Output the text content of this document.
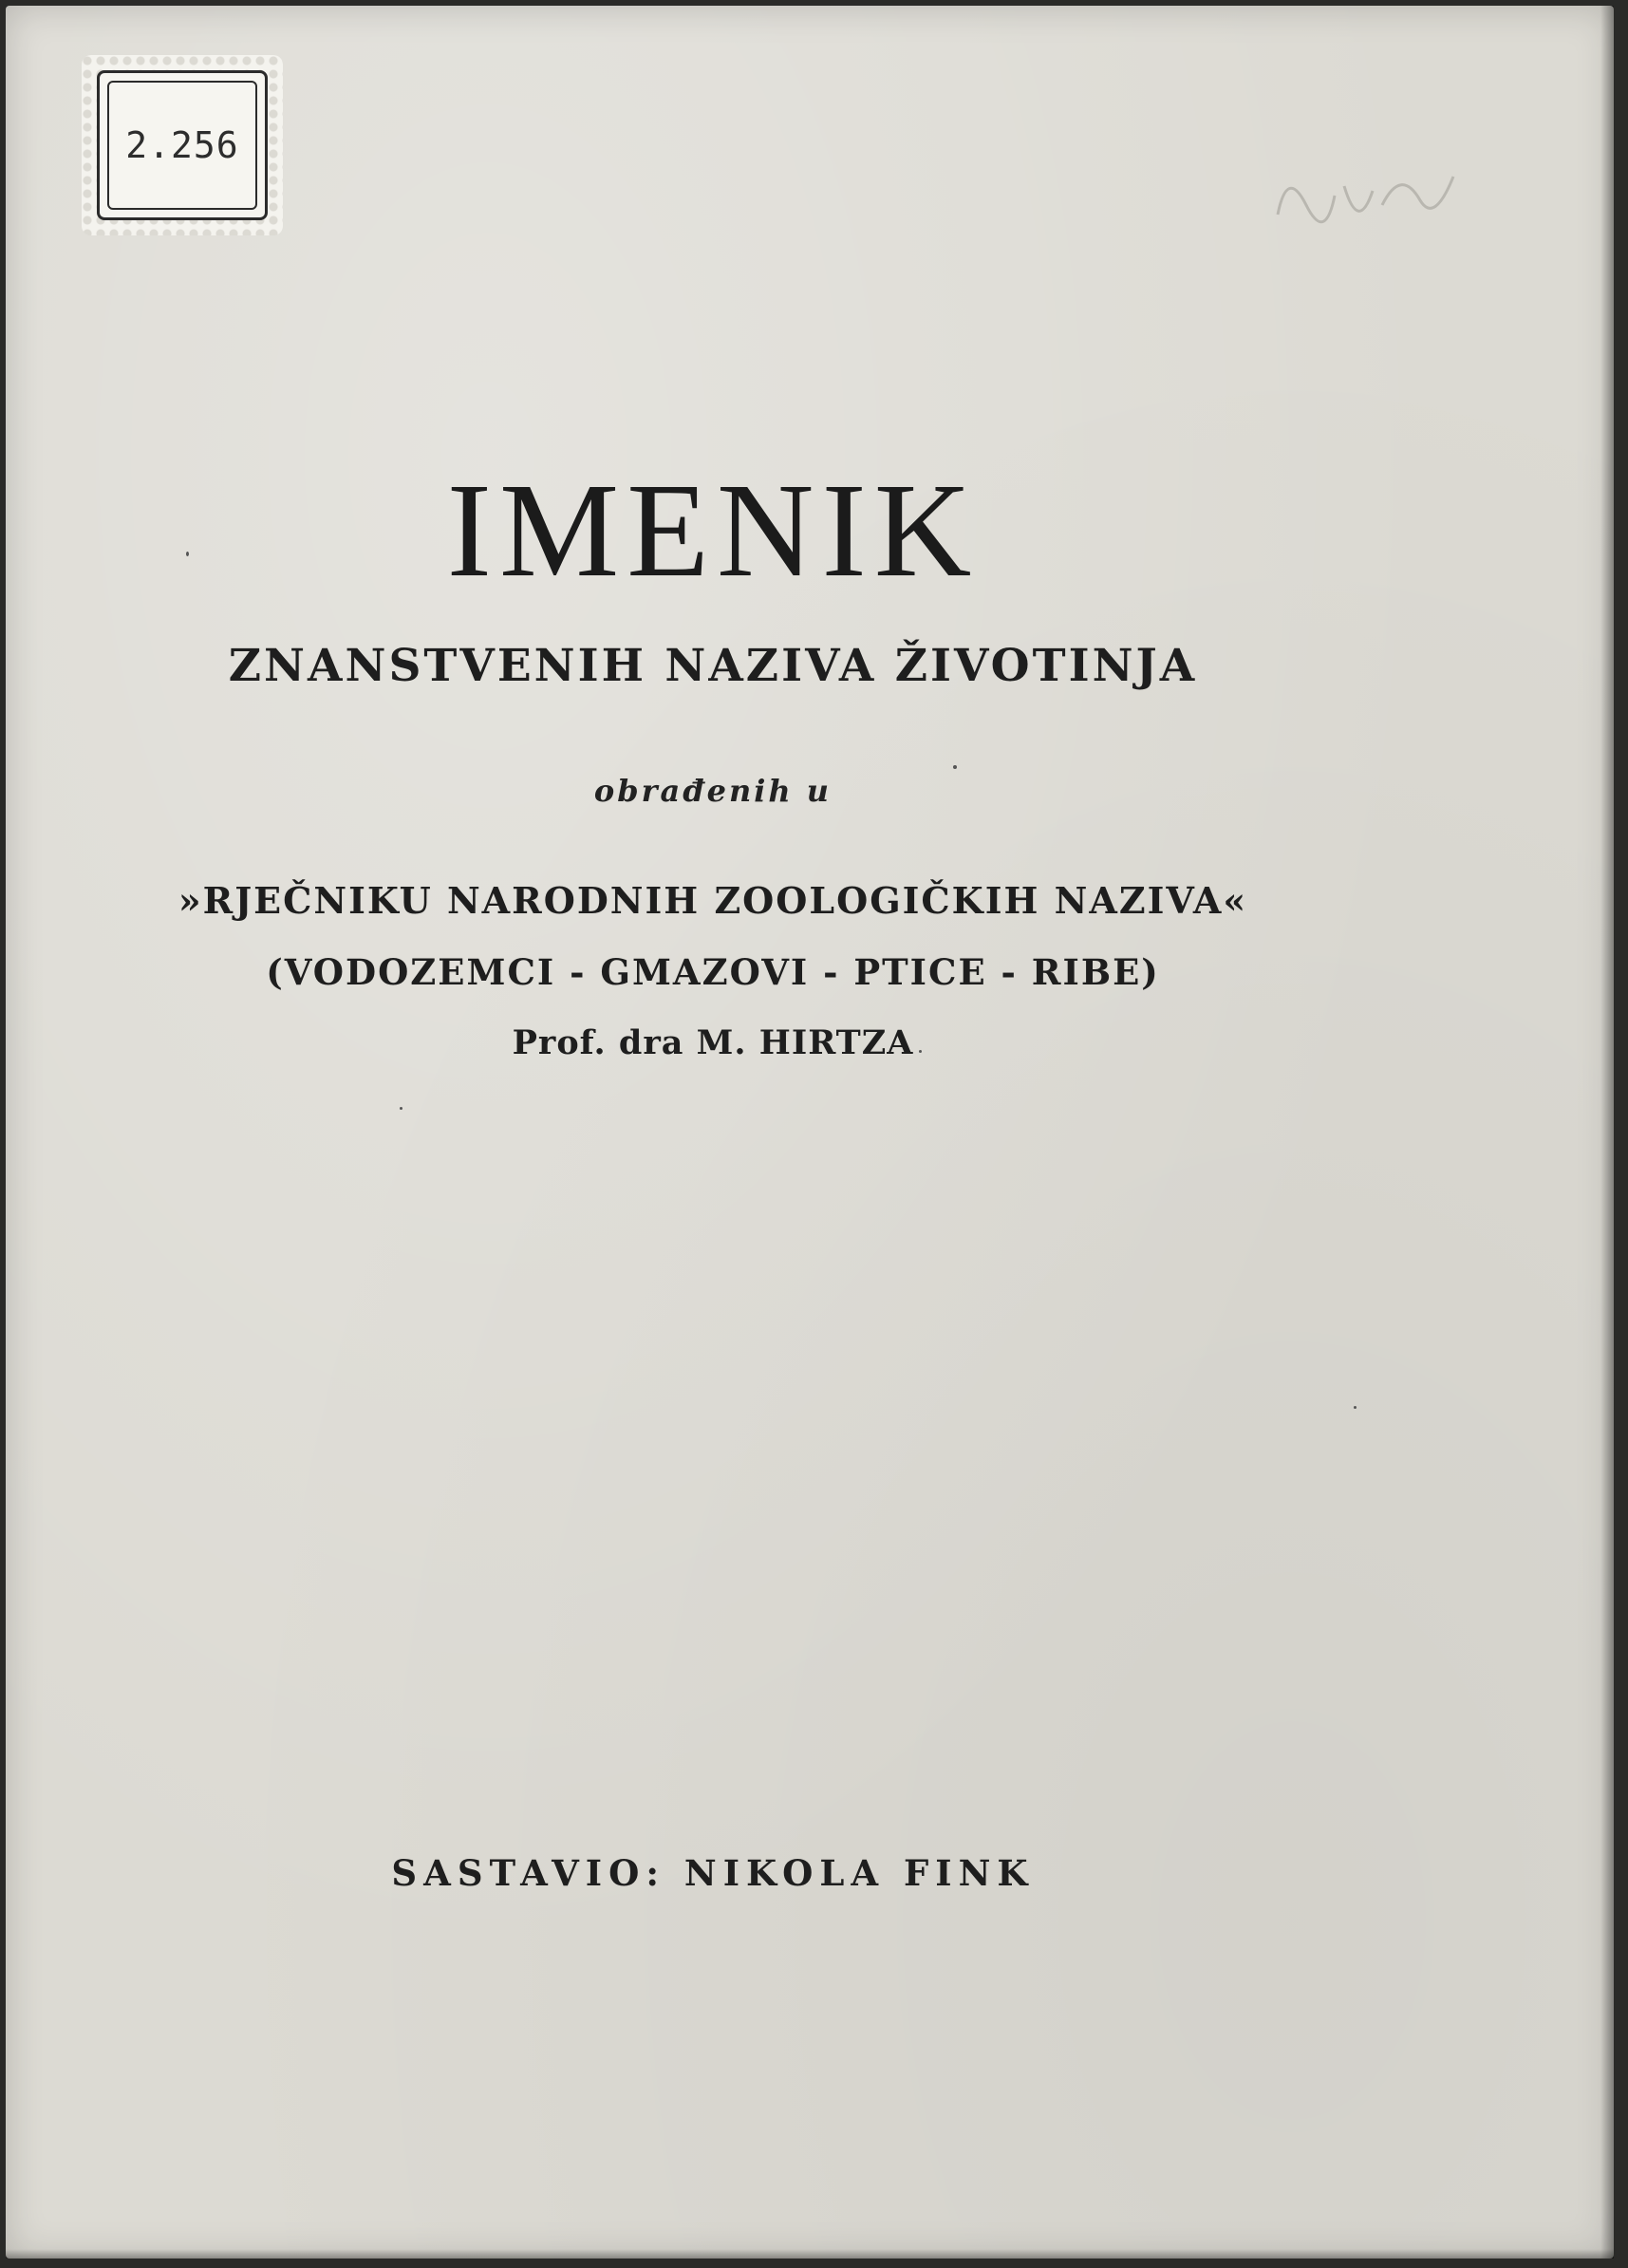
2.256
IMENIK
ZNANSTVENIH NAZIVA ŽIVOTINJA
obrađenih u
»RJEČNIKU NARODNIH ZOOLOGIČKIH NAZIVA«
(VODOZEMCI - GMAZOVI - PTICE - RIBE)
Prof. dra M. HIRTZA
SASTAVIO: NIKOLA FINK
